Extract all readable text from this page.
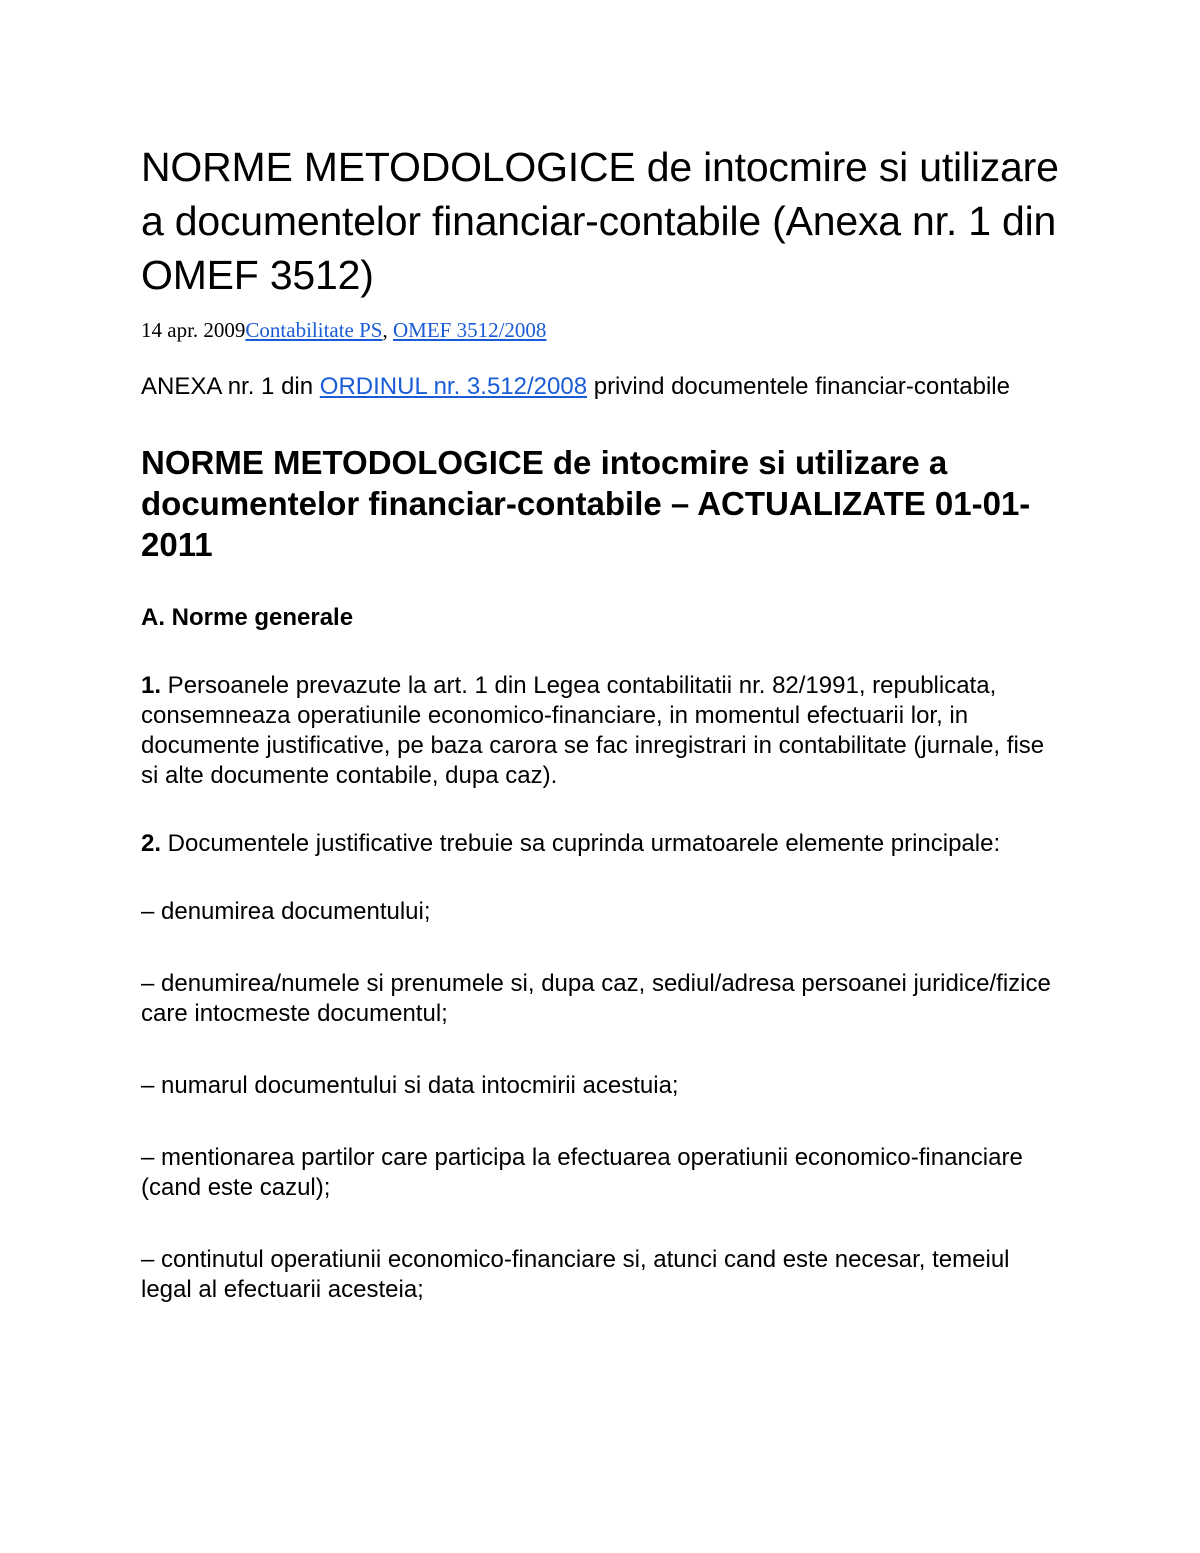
NORME METODOLOGICE de intocmire si utilizare a documentelor financiar-contabile (Anexa nr. 1 din OMEF 3512)
14 apr. 2009Contabilitate PS, OMEF 3512/2008
ANEXA nr. 1 din ORDINUL nr. 3.512/2008 privind documentele financiar-contabile
NORME METODOLOGICE de intocmire si utilizare a documentelor financiar-contabile – ACTUALIZATE 01-01-2011
A. Norme generale
1. Persoanele prevazute la art. 1 din Legea contabilitatii nr. 82/1991, republicata, consemneaza operatiunile economico-financiare, in momentul efectuarii lor, in documente justificative, pe baza carora se fac inregistrari in contabilitate (jurnale, fise si alte documente contabile, dupa caz).
2. Documentele justificative trebuie sa cuprinda urmatoarele elemente principale:
– denumirea documentului;
– denumirea/numele si prenumele si, dupa caz, sediul/adresa persoanei juridice/fizice care intocmeste documentul;
– numarul documentului si data intocmirii acestuia;
– mentionarea partilor care participa la efectuarea operatiunii economico-financiare (cand este cazul);
– continutul operatiunii economico-financiare si, atunci cand este necesar, temeiul legal al efectuarii acesteia;
